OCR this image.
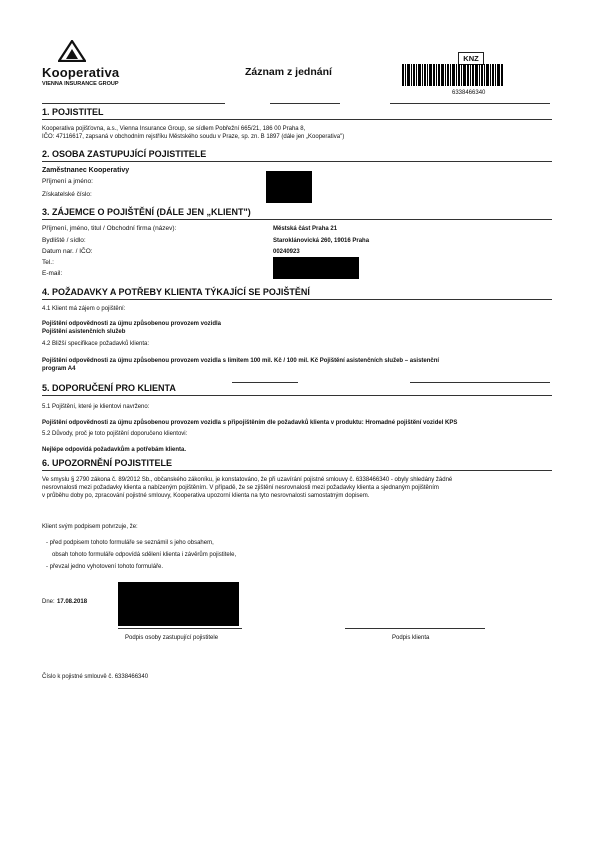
Kooperativa
VIENNA INSURANCE GROUP
Záznam z jednání
KNZ
6338466340
1. POJISTITEL
Kooperativa pojišťovna, a.s., Vienna Insurance Group, se sídlem Pobřežní 665/21, 186 00 Praha 8,
IČO: 47116617, zapsaná v obchodním rejstříku Městského soudu v Praze, sp. zn. B 1897 (dále jen „Kooperativa")
2. OSOBA ZASTUPUJÍCÍ POJISTITELE
Zaměstnanec Kooperativy
Příjmení a jméno:
Získatelské číslo:
3. ZÁJEMCE O POJIŠTĚNÍ (DÁLE JEN „KLIENT")
Příjmení, jméno, titul / Obchodní firma (název):
Bydliště / sídlo:
Datum nar. / IČO:
Tel.:
E-mail:
Městská část Praha 21
Staroklánovická 260, 19016 Praha
00240923
4. POŽADAVKY A POTŘEBY KLIENTA TÝKAJÍCÍ SE POJIŠTĚNÍ
4.1 Klient má zájem o pojištění:
Pojištění odpovědnosti za újmu způsobenou provozem vozidla
Pojištění asistenčních služeb
4.2 Bližší specifikace požadavků klienta:
Pojištění odpovědnosti za újmu způsobenou provozem vozidla s limitem 100 mil. Kč / 100 mil. Kč Pojištění asistenčních služeb – asistenční
program A4
5. DOPORUČENÍ PRO KLIENTA
5.1 Pojištění, které je klientovi navrženo:
Pojištění odpovědnosti za újmu způsobenou provozem vozidla s připojištěním dle požadavků klienta v produktu: Hromadné pojištění vozidel KPS
5.2 Důvody, proč je toto pojištění doporučeno klientovi:
Nejlépe odpovídá požadavkům a potřebám klienta.
6. UPOZORNĚNÍ POJISTITELE
Ve smyslu § 2790 zákona č. 89/2012 Sb., občanského zákoníku, je konstatováno, že při uzavírání pojistné smlouvy č. 6338466340 - obyly shledány žádné
nesrovnalosti mezi požadavky klienta a nabízeným pojištěním. V případě, že se zjištění nesrovnalosti mezi požadavky klienta a sjednaným pojištěním
v průběhu doby po, zpracování pojistné smlouvy, Kooperativa upozorní klienta na tyto nesrovnalosti samostatným dopisem.
Klient svým podpisem potvrzuje, že:
- před podpisem tohoto formuláře se seznámil s jeho obsahem,
obsah tohoto formuláře odpovídá sdělení klienta i závěrům pojistitele,
- převzal jedno vyhotovení tohoto formuláře.
Dne: 17.08.2018
Podpis osoby zastupující pojistitele	Podpis klienta
Číslo k pojistné smlouvě č. 6338466340
